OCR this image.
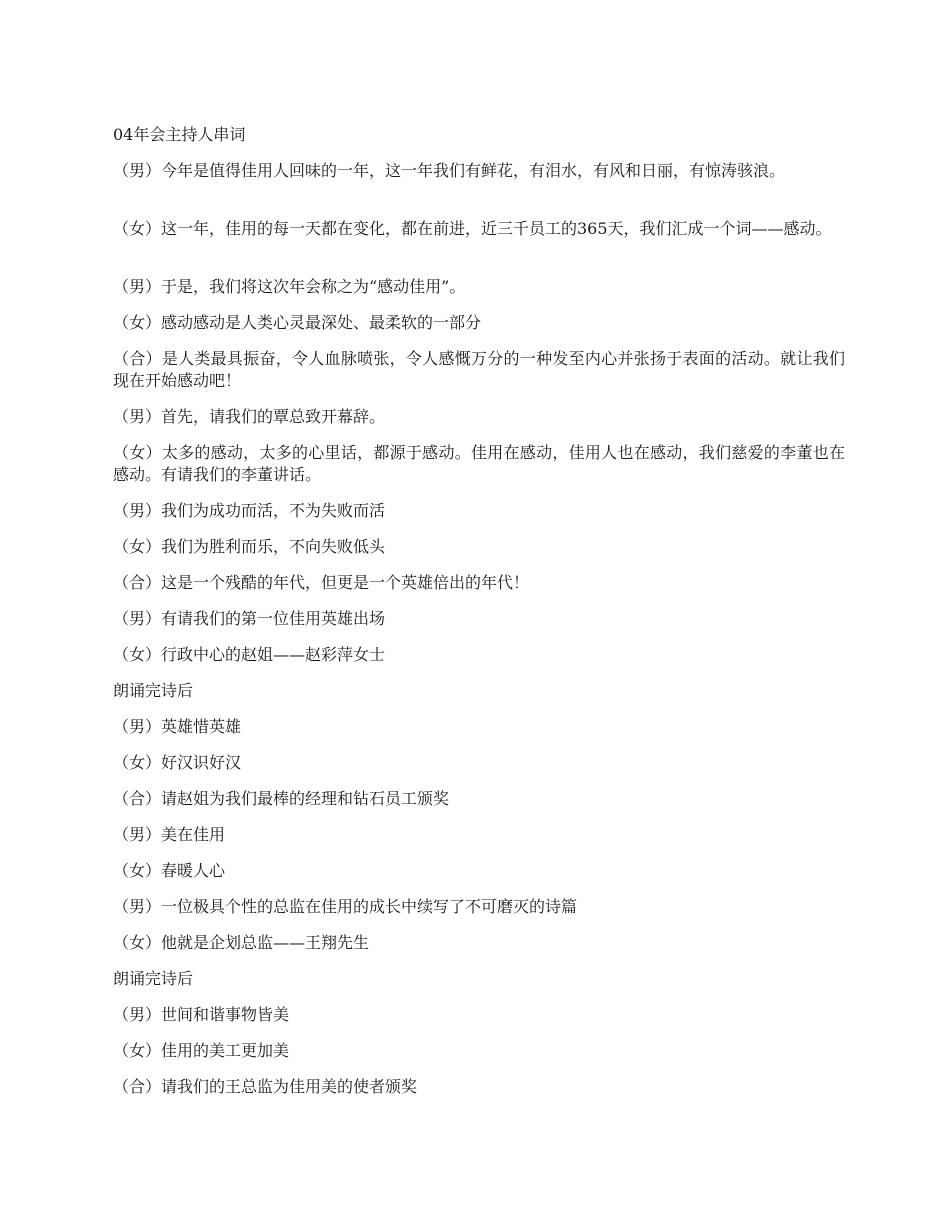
04年会主持人串词
（男）今年是值得佳用人回味的一年，这一年我们有鲜花，有泪水，有风和日丽，有惊涛骇浪。
（女）这一年，佳用的每一天都在变化，都在前进，近三千员工的365天，我们汇成一个词——感动。
（男）于是，我们将这次年会称之为“感动佳用”。
（女）感动感动是人类心灵最深处、最柔软的一部分
（合）是人类最具振奋，令人血脉喷张，令人感慨万分的一种发至内心并张扬于表面的活动。就让我们现在开始感动吧！
（男）首先，请我们的覃总致开幕辞。
（女）太多的感动，太多的心里话，都源于感动。佳用在感动，佳用人也在感动，我们慈爱的李董也在感动。有请我们的李董讲话。
（男）我们为成功而活，不为失败而活
（女）我们为胜利而乐，不向失败低头
（合）这是一个残酷的年代，但更是一个英雄倍出的年代！
（男）有请我们的第一位佳用英雄出场
（女）行政中心的赵姐——赵彩萍女士
朗诵完诗后
（男）英雄惜英雄
（女）好汉识好汉
（合）请赵姐为我们最棒的经理和钻石员工颁奖
（男）美在佳用
（女）春暖人心
（男）一位极具个性的总监在佳用的成长中续写了不可磨灭的诗篇
（女）他就是企划总监——王翔先生
朗诵完诗后
（男）世间和谐事物皆美
（女）佳用的美工更加美
（合）请我们的王总监为佳用美的使者颁奖
